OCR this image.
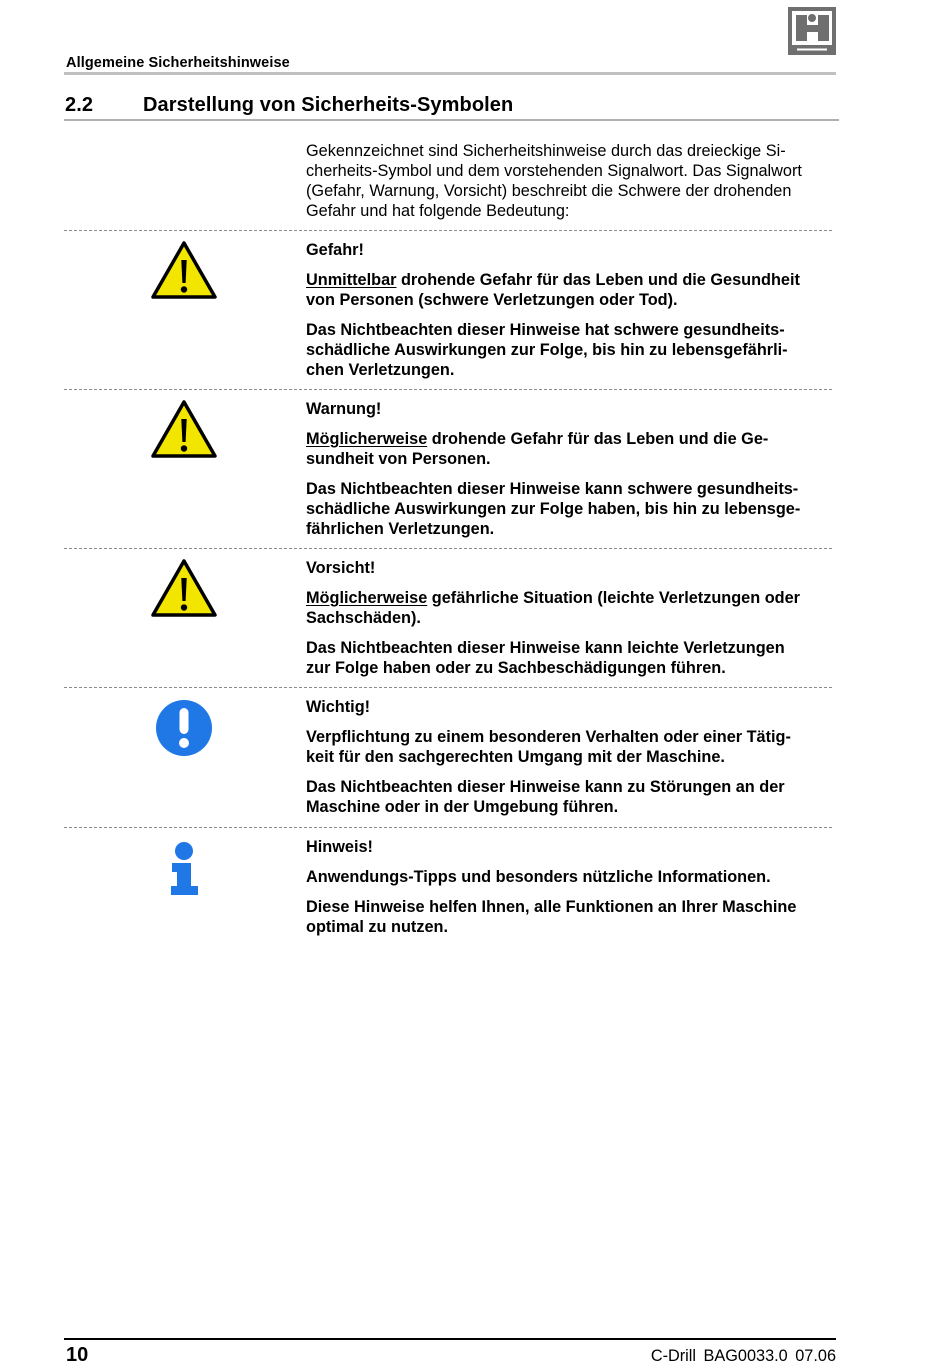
Allgemeine Sicherheitshinweise
2.2 Darstellung von Sicherheits-Symbolen
Gekennzeichnet sind Sicherheitshinweise durch das dreieckige Si-
cherheits-Symbol und dem vorstehenden Signalwort. Das Signalwort
(Gefahr, Warnung, Vorsicht) beschreibt die Schwere der drohenden
Gefahr und hat folgende Bedeutung:

Gefahr!

Unmittelbar drohende Gefahr für das Leben und die Gesundheit
von Personen (schwere Verletzungen oder Tod).

Das Nichtbeachten dieser Hinweise hat schwere gesundheits-
schädliche Auswirkungen zur Folge, bis hin zu lebensgefährli-
chen Verletzungen.

Warnung!

Möglicherweise drohende Gefahr für das Leben und die Ge-
sundheit von Personen.

Das Nichtbeachten dieser Hinweise kann schwere gesundheits-
schädliche Auswirkungen zur Folge haben, bis hin zu lebensge-
fährlichen Verletzungen.

Vorsicht!

Möglicherweise gefährliche Situation (leichte Verletzungen oder
Sachschäden).

Das Nichtbeachten dieser Hinweise kann leichte Verletzungen
zur Folge haben oder zu Sachbeschädigungen führen.

Wichtig!

Verpflichtung zu einem besonderen Verhalten oder einer Tätig-
keit für den sachgerechten Umgang mit der Maschine.

Das Nichtbeachten dieser Hinweise kann zu Störungen an der
Maschine oder in der Umgebung führen.

Hinweis!

Anwendungs-Tipps und besonders nützliche Informationen.

Diese Hinweise helfen Ihnen, alle Funktionen an Ihrer Maschine
optimal zu nutzen.

10	C-Drill BAG0033.0 07.06
